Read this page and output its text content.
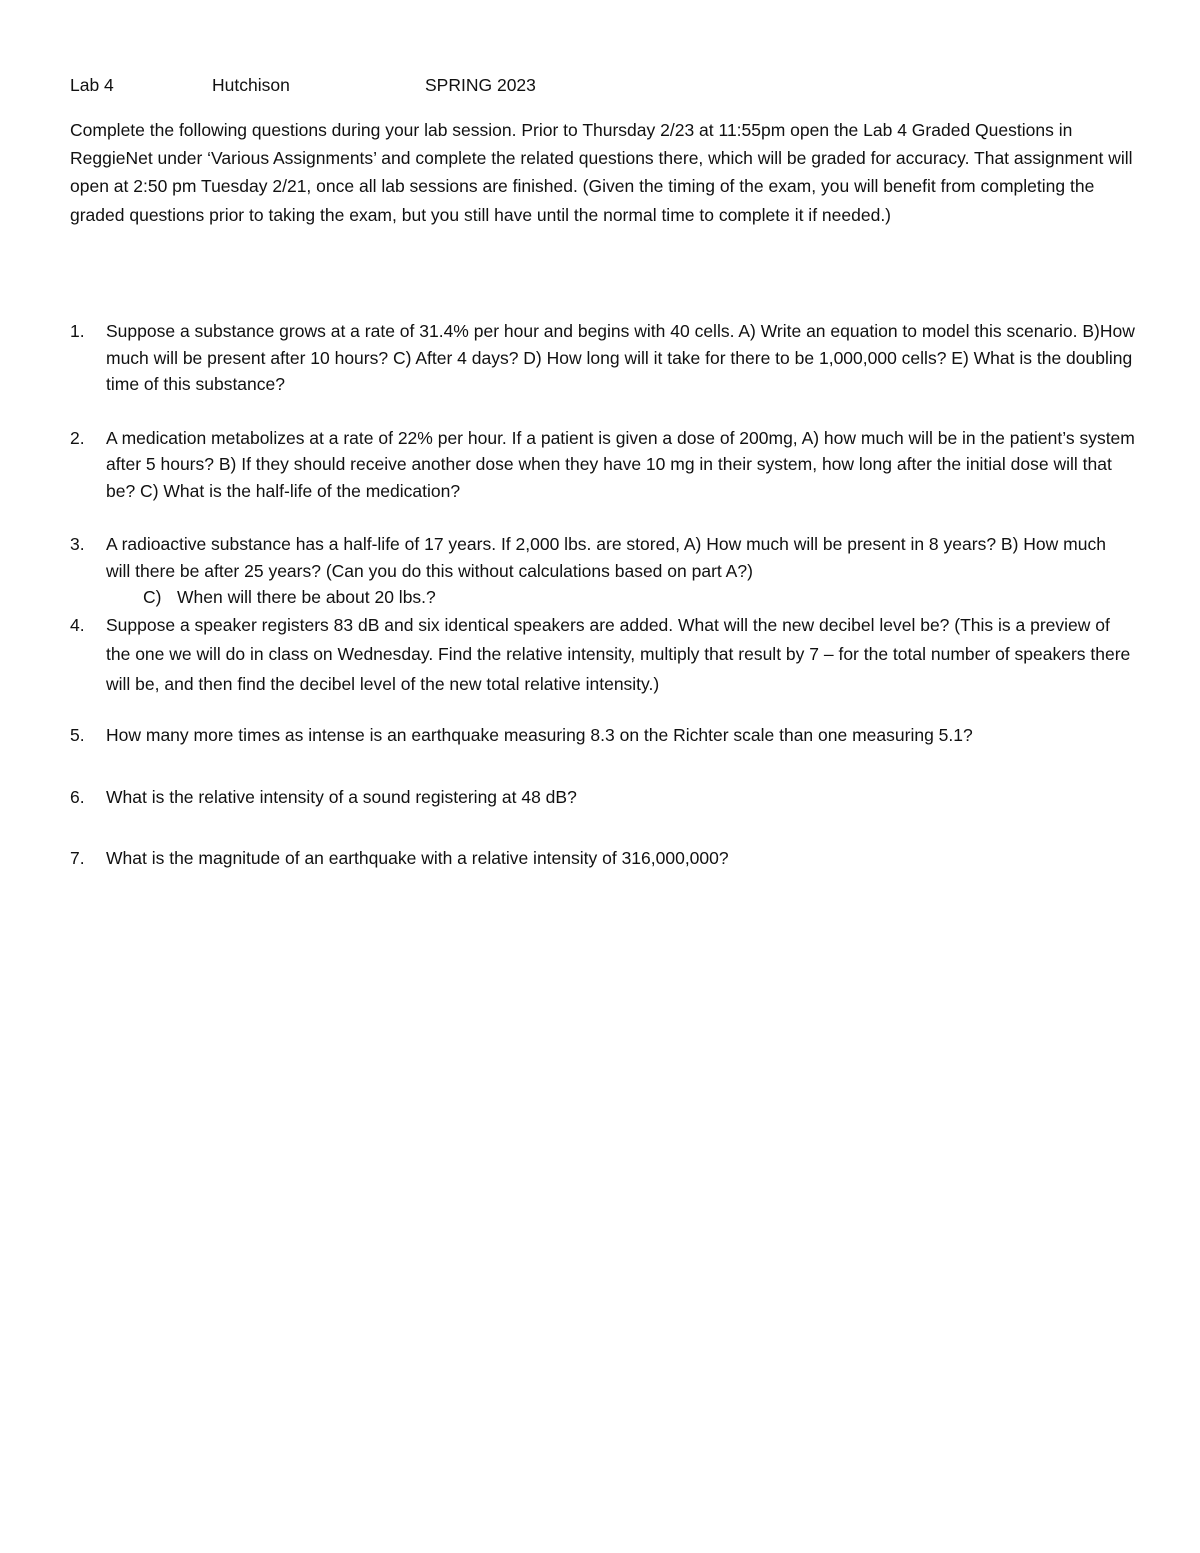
Lab 4	Hutchison	SPRING 2023

Complete the following questions during your lab session. Prior to Thursday 2/23 at 11:55pm open the Lab 4 Graded Questions in ReggieNet under ‘Various Assignments’ and complete the related questions there, which will be graded for accuracy. That assignment will open at 2:50 pm Tuesday 2/21, once all lab sessions are finished. (Given the timing of the exam, you will benefit from completing the graded questions prior to taking the exam, but you still have until the normal time to complete it if needed.)

1. Suppose a substance grows at a rate of 31.4% per hour and begins with 40 cells. A) Write an equation to model this scenario. B)How much will be present after 10 hours? C) After 4 days? D) How long will it take for there to be 1,000,000 cells? E) What is the doubling time of this substance?
2. A medication metabolizes at a rate of 22% per hour. If a patient is given a dose of 200mg, A) how much will be in the patient’s system after 5 hours? B) If they should receive another dose when they have 10 mg in their system, how long after the initial dose will that be? C) What is the half-life of the medication?
3. A radioactive substance has a half-life of 17 years. If 2,000 lbs. are stored, A) How much will be present in 8 years? B) How much will there be after 25 years? (Can you do this without calculations based on part A?)
C) When will there be about 20 lbs.?
4. Suppose a speaker registers 83 dB and six identical speakers are added. What will the new decibel level be? (This is a preview of the one we will do in class on Wednesday. Find the relative intensity, multiply that result by 7 – for the total number of speakers there will be, and then find the decibel level of the new total relative intensity.)
5. How many more times as intense is an earthquake measuring 8.3 on the Richter scale than one measuring 5.1?
6. What is the relative intensity of a sound registering at 48 dB?
7. What is the magnitude of an earthquake with a relative intensity of 316,000,000?
